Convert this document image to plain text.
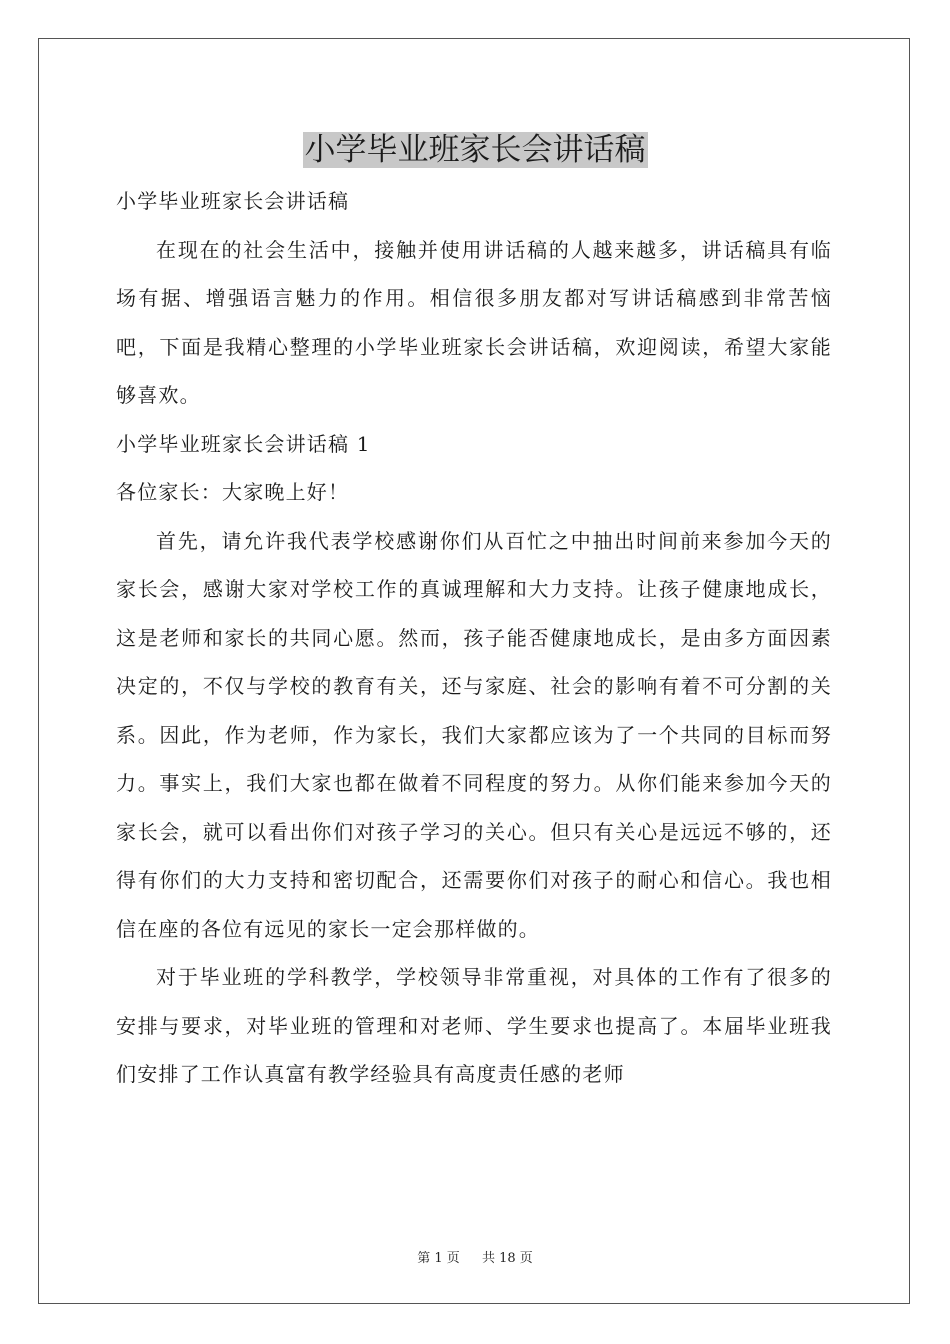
小学毕业班家长会讲话稿

小学毕业班家长会讲话稿

在现在的社会生活中，接触并使用讲话稿的人越来越多，讲话稿具有临场有据、增强语言魅力的作用。相信很多朋友都对写讲话稿感到非常苦恼吧，下面是我精心整理的小学毕业班家长会讲话稿，欢迎阅读，希望大家能够喜欢。

小学毕业班家长会讲话稿 1

各位家长：大家晚上好！

首先，请允许我代表学校感谢你们从百忙之中抽出时间前来参加今天的家长会，感谢大家对学校工作的真诚理解和大力支持。让孩子健康地成长，这是老师和家长的共同心愿。然而，孩子能否健康地成长，是由多方面因素决定的，不仅与学校的教育有关，还与家庭、社会的影响有着不可分割的关系。因此，作为老师，作为家长，我们大家都应该为了一个共同的目标而努力。事实上，我们大家也都在做着不同程度的努力。从你们能来参加今天的家长会，就可以看出你们对孩子学习的关心。但只有关心是远远不够的，还得有你们的大力支持和密切配合，还需要你们对孩子的耐心和信心。我也相信在座的各位有远见的家长一定会那样做的。

对于毕业班的学科教学，学校领导非常重视，对具体的工作有了很多的安排与要求，对毕业班的管理和对老师、学生要求也提高了。本届毕业班我们安排了工作认真富有教学经验具有高度责任感的老师

第 1 页 共 18 页
